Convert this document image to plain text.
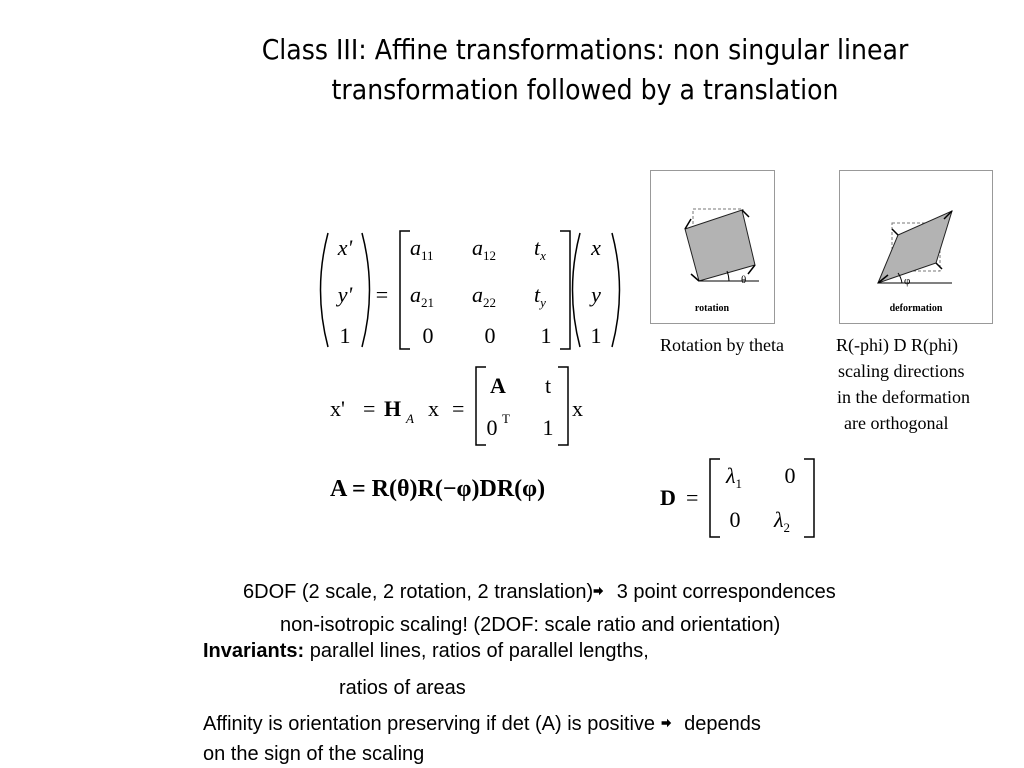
Class III: Affine transformations: non singular linear
transformation followed by a translation
x'
y'
1
=
$a_{11}$ $a_{12}$ $t_x$
$a_{21}$ $a_{22}$ $t_y$
0 0 1
x
y
1
x' = H A x =
A t
0 T 1
x
A = R(θ)R(−φ)DR(φ)	D =
$\lambda_1$ 0
0 $\lambda_2$
θ
rotation
φ
deformation
Rotation by theta	R(-phi) D R(phi)
scaling directions
in the deformation
are orthogonal
6DOF (2 scale, 2 rotation, 2 translation) 3 point correspondences
non-isotropic scaling! (2DOF: scale ratio and orientation)
Invariants: parallel lines, ratios of parallel lengths,
ratios of areas
Affinity is orientation preserving if det (A) is positive  depends
on the sign of the scaling
